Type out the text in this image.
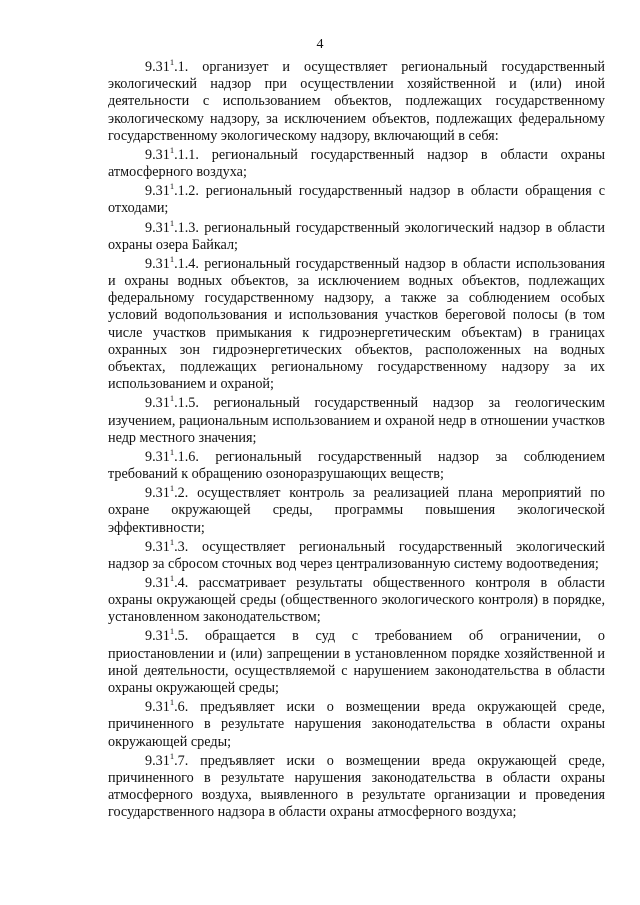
4

9.31$^1$.1. организует и осуществляет региональный государственный экологический надзор при осуществлении хозяйственной и (или) иной деятельности с использованием объектов, подлежащих государственному экологическому надзору, за исключением объектов, подлежащих федеральному государственному экологическому надзору, включающий в себя:

9.31$^1$.1.1. региональный государственный надзор в области охраны атмосферного воздуха;

9.31$^1$.1.2. региональный государственный надзор в области обращения с отходами;

9.31$^1$.1.3. региональный государственный экологический надзор в области охраны озера Байкал;

9.31$^1$.1.4. региональный государственный надзор в области использования и охраны водных объектов, за исключением водных объектов, подлежащих федеральному государственному надзору, а также за соблюдением особых условий водопользования и использования участков береговой полосы (в том числе участков примыкания к гидроэнергетическим объектам) в границах охранных зон гидроэнергетических объектов, расположенных на водных объектах, подлежащих региональному государственному надзору за их использованием и охраной;

9.31$^1$.1.5. региональный государственный надзор за геологическим изучением, рациональным использованием и охраной недр в отношении участков недр местного значения;

9.31$^1$.1.6. региональный государственный надзор за соблюдением требований к обращению озоноразрушающих веществ;

9.31$^1$.2. осуществляет контроль за реализацией плана мероприятий по охране окружающей среды, программы повышения экологической эффективности;

9.31$^1$.3. осуществляет региональный государственный экологический надзор за сбросом сточных вод через централизованную систему водоотведения;

9.31$^1$.4. рассматривает результаты общественного контроля в области охраны окружающей среды (общественного экологического контроля) в порядке, установленном законодательством;

9.31$^1$.5. обращается в суд с требованием об ограничении, о приостановлении и (или) запрещении в установленном порядке хозяйственной и иной деятельности, осуществляемой с нарушением законодательства в области охраны окружающей среды;

9.31$^1$.6. предъявляет иски о возмещении вреда окружающей среде, причиненного в результате нарушения законодательства в области охраны окружающей среды;

9.31$^1$.7. предъявляет иски о возмещении вреда окружающей среде, причиненного в результате нарушения законодательства в области охраны атмосферного воздуха, выявленного в результате организации и проведения государственного надзора в области охраны атмосферного воздуха;
